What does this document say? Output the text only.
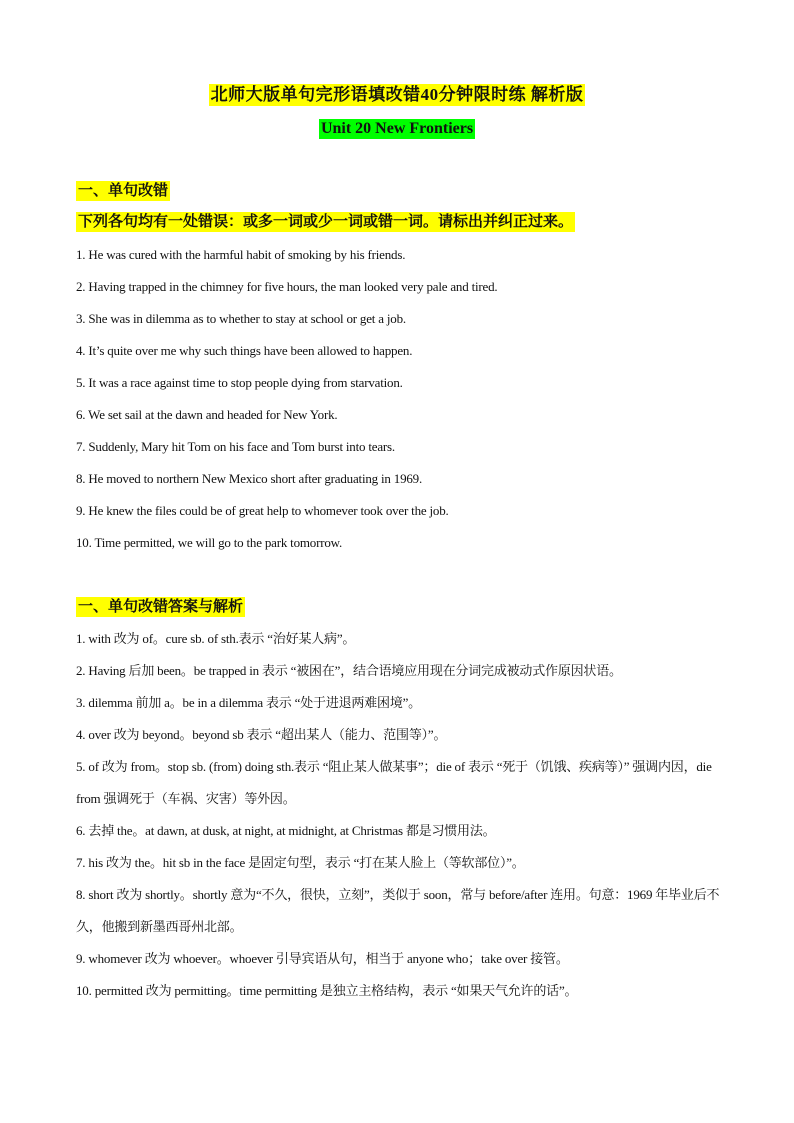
北师大版单句完形语填改错40分钟限时练 解析版
Unit 20 New Frontiers
一、单句改错
下列各句均有一处错误：或多一词或少一词或错一词。请标出并纠正过来。
1. He was cured with the harmful habit of smoking by his friends.
2. Having trapped in the chimney for five hours, the man looked very pale and tired.
3. She was in dilemma as to whether to stay at school or get a job.
4. It’s quite over me why such things have been allowed to happen.
5. It was a race against time to stop people dying from starvation.
6. We set sail at the dawn and headed for New York.
7. Suddenly, Mary hit Tom on his face and Tom burst into tears.
8. He moved to northern New Mexico short after graduating in 1969.
9. He knew the files could be of great help to whomever took over the job.
10. Time permitted, we will go to the park tomorrow.
一、单句改错答案与解析
1. with 改为 of。cure sb. of sth.表示 “治好某人病”。
2. Having 后加 been。be trapped in 表示 “被困在”，结合语境应用现在分词完成被动式作原因状语。
3. dilemma 前加 a。be in a dilemma 表示 “处于进退两难困境”。
4. over 改为 beyond。beyond sb 表示 “超出某人（能力、范围等）”。
5. of 改为 from。stop sb. (from) doing sth.表示 “阻止某人做某事”；die of 表示 “死于（饥饿、疾病等）” 强调内因，die from 强调死于（车祸、灾害）等外因。
6. 去掉 the。at dawn, at dusk, at night, at midnight, at Christmas 都是习惯用法。
7. his 改为 the。hit sb in the face 是固定句型，表示 “打在某人脸上（等软部位）”。
8. short 改为 shortly。shortly 意为“不久，很快，立刻”，类似于 soon，常与 before/after 连用。句意：1969 年毕业后不久，他搬到新墨西哥州北部。
9. whomever 改为 whoever。whoever 引导宾语从句，相当于 anyone who；take over 接管。
10. permitted 改为 permitting。time permitting 是独立主格结构，表示 “如果天气允许的话”。
